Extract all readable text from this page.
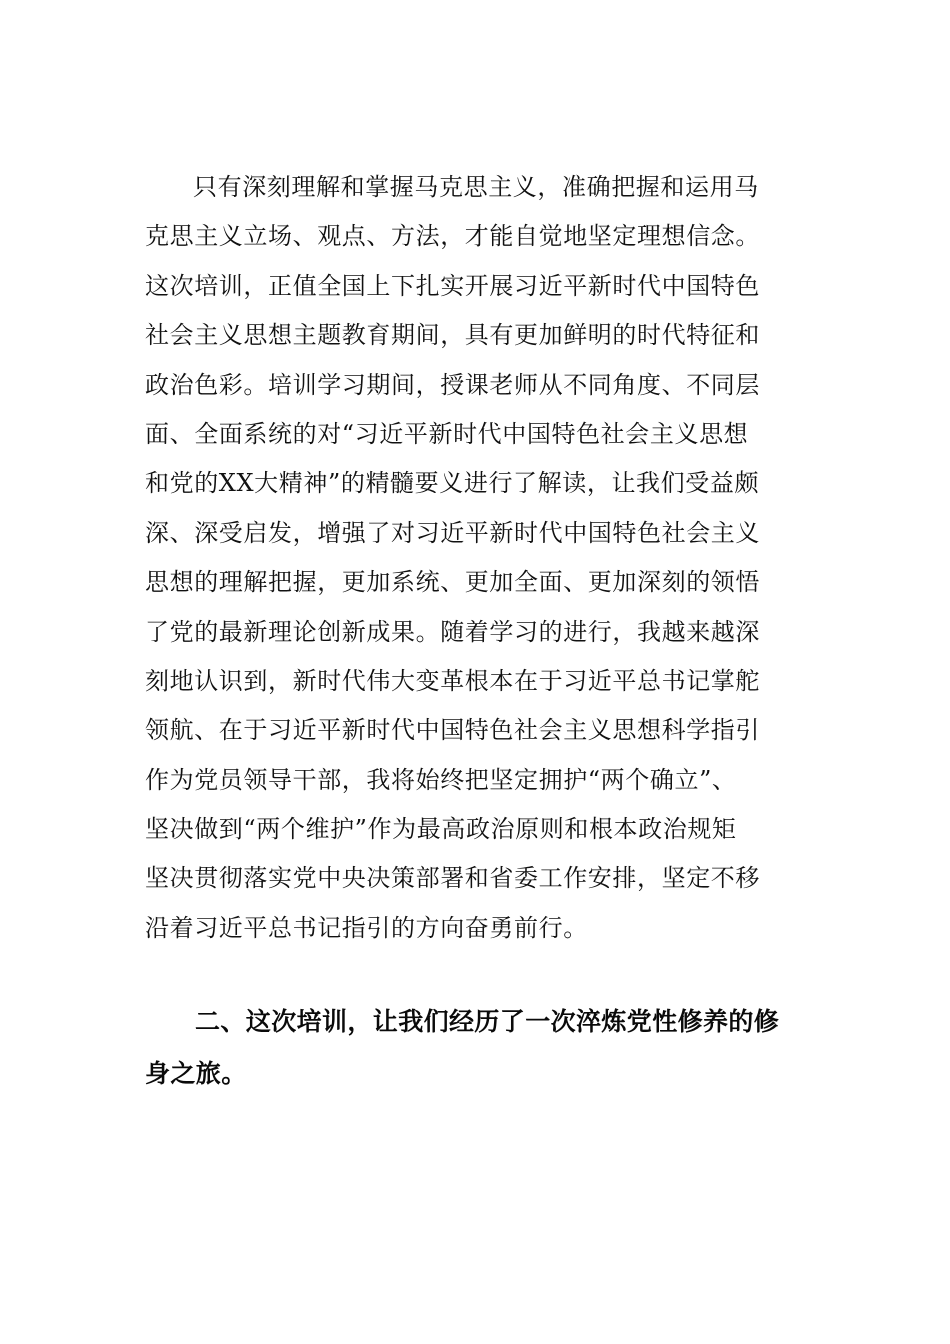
只有深刻理解和掌握马克思主义，准确把握和运用马
克思主义立场、观点、方法，才能自觉地坚定理想信念。
这次培训，正值全国上下扎实开展习近平新时代中国特色
社会主义思想主题教育期间，具有更加鲜明的时代特征和
政治色彩。培训学习期间，授课老师从不同角度、不同层
面、全面系统的对“习近平新时代中国特色社会主义思想
和党的XX大精神”的精髓要义进行了解读，让我们受益颇
深、深受启发，增强了对习近平新时代中国特色社会主义
思想的理解把握，更加系统、更加全面、更加深刻的领悟
了党的最新理论创新成果。随着学习的进行，我越来越深
刻地认识到，新时代伟大变革根本在于习近平总书记掌舵
领航、在于习近平新时代中国特色社会主义思想科学指引
作为党员领导干部，我将始终把坚定拥护“两个确立”、
坚决做到“两个维护”作为最高政治原则和根本政治规矩
坚决贯彻落实党中央决策部署和省委工作安排，坚定不移
沿着习近平总书记指引的方向奋勇前行。
二、这次培训，让我们经历了一次淬炼党性修养的修
身之旅。
